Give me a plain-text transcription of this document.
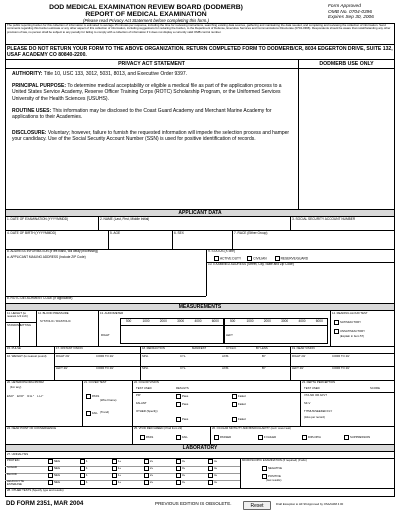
DOD MEDICAL EXAMINATION REVIEW BOARD (DODMERB)
REPORT OF MEDICAL EXAMINATION
(Please read Privacy Act Statement before completing this form.)
Form Approved
OMB No. 0704-0396
Expires Sep 30, 2006
The public reporting burden for this collection of information is estimated to average 15 minutes per response, including the time for reviewing instructions, searching existing data sources, gathering and maintaining the data needed, and completing and reviewing the collection of information. Send comments regarding this burden estimate or any other aspect of this collection of information, including suggestions for reducing the burden, to the Department of Defense, Executive Services and Communications Directorate (0704-0396). Respondents should be aware that notwithstanding any other provision of law, no person shall be subject to any penalty for failing to comply with a collection of information if it does not display a currently valid OMB control number.
PLEASE DO NOT RETURN YOUR FORM TO THE ABOVE ORGANIZATION. RETURN COMPLETED FORM TO DODMERB/CR, 8034 EDGERTON DRIVE, SUITE 132, USAF ACADEMY CO 80840-2200.
PRIVACY ACT STATEMENT	DODMERB USE ONLY
AUTHORITY: Title 10, USC 133, 3012, 5031, 8013, and Executive Order 9397.
PRINCIPAL PURPOSE: To determine medical acceptability or eligible a medical file as part of the application process to a United States Service Academy, Reserve Officer Training Corps (ROTC) Scholarship Program, or the Uniformed Services University of the Health Sciences (USUHS).
ROUTINE USES: This information may be disclosed to the Coast Guard Academy and Merchant Marine Academy for applications to their Academies.
DISCLOSURE: Voluntary; however, failure to furnish the requested information will impede the selection process and hamper your candidacy. Use of the Social Security Account Number (SSN) is used for positive identification of records.
APPLICANT DATA
1. DATE OF EXAMINATION (YYYYMMDD)	2. NAME (Last, First, Middle Initial)	3. SOCIAL SECURITY ACCOUNT NUMBER
4. DATE OF BIRTH (YYYYMMDD)	5. AGE	6. SEX	7. RACE (Either Group)
8. ADDRESS INFORMATION (if left blank, will delay processing)
a. APPLICANT MAILING ADDRESS (Include ZIP Code)
9. STATUS (X one)
ACTIVE DUTY	CIVILIAN	RESERVE/GUARD
10. EXAMINED ADDRESS (Street, City, State and Zip Code)
b. ROTC DETACHMENT CODE (If applicable)
MEASUREMENTS
11. HEIGHT (to nearest 1/4 inch)
STANDING
SITTING
12. BLOOD PRESSURE
SYSTOLIC / DIASTOLIC
13. AUDIOMETER
500	1000	2000	3000	4000	6000	500	1000	2000	3000	4000	6000
RIGHT	LEFT
14. READING ALOUD TEST
SATISFACTORY
UNSATISFACTORY
(Explain in Item 57)
15. PULSE	17. DISTANT VISION	18. REFRACTION	MANIFEST	CYCLO.	BY LENS	19. NEAR VISION
16. WEIGHT (to nearest pound)	RIGHT 20/	CORR TO 20/
LEFT 20/	CORR TO 20/
SPH.	CYL.	AXIS	BY
SPH.	CYL.	AXIS	BY
RIGHT 20/	CORR TO 20/
LEFT 20/	CORR TO 20/
20. HETEROPHORIA/PRISM
(For any)
ESO°    EXO°    R.H.°    L.H.°
21. COVER TEST
PASS
(Wire Frame)
FAIL (Trend)
22. COLOR VISION
TEST USED	RESULTS
PIP	Pass	Failed
FALANT	Pass	Failed
OTHER (Specify)
Pass	Failed
23. DEPTH PERCEPTION
TEST USED	SCORE
VTA-ND OR AFVT
SF-V
TITMUS/SEEKED FLY
(Also per record)
24. NEAR POINT OF CONVERGENCE	25. VIVID RED GREEN (If fail from 22)
PASS	FAIL
26. OCULAR MOTILITY AND BINOCULARITY (red / cover test)
PASSED	F FAILED	DIPLOPIA	SUPPRESSION
LABORATORY
27. URINALYSIS
PROTEIN	NEG	1	1+	2+	3+	4+
SUGAR	NEG	1	1+	2+	3+	4+
BLOOD	NEG	1	1+	2+	3+	4+
LEUKOCYTE ESTERASE	NEG	1	1+	2+	3+	4+
MICROSCOPIC EXAMINATION (If required) (If abn)
NEGATIVE
POSITIVE
(Get results)
28. OTHER TESTS (Specify type and results)
DD FORM 2351, MAR 2004	PREVIOUS EDITION IS OBSOLETE.	Reset	Draft Exception to HF 99 Approved by OSA/GRM 4 00
